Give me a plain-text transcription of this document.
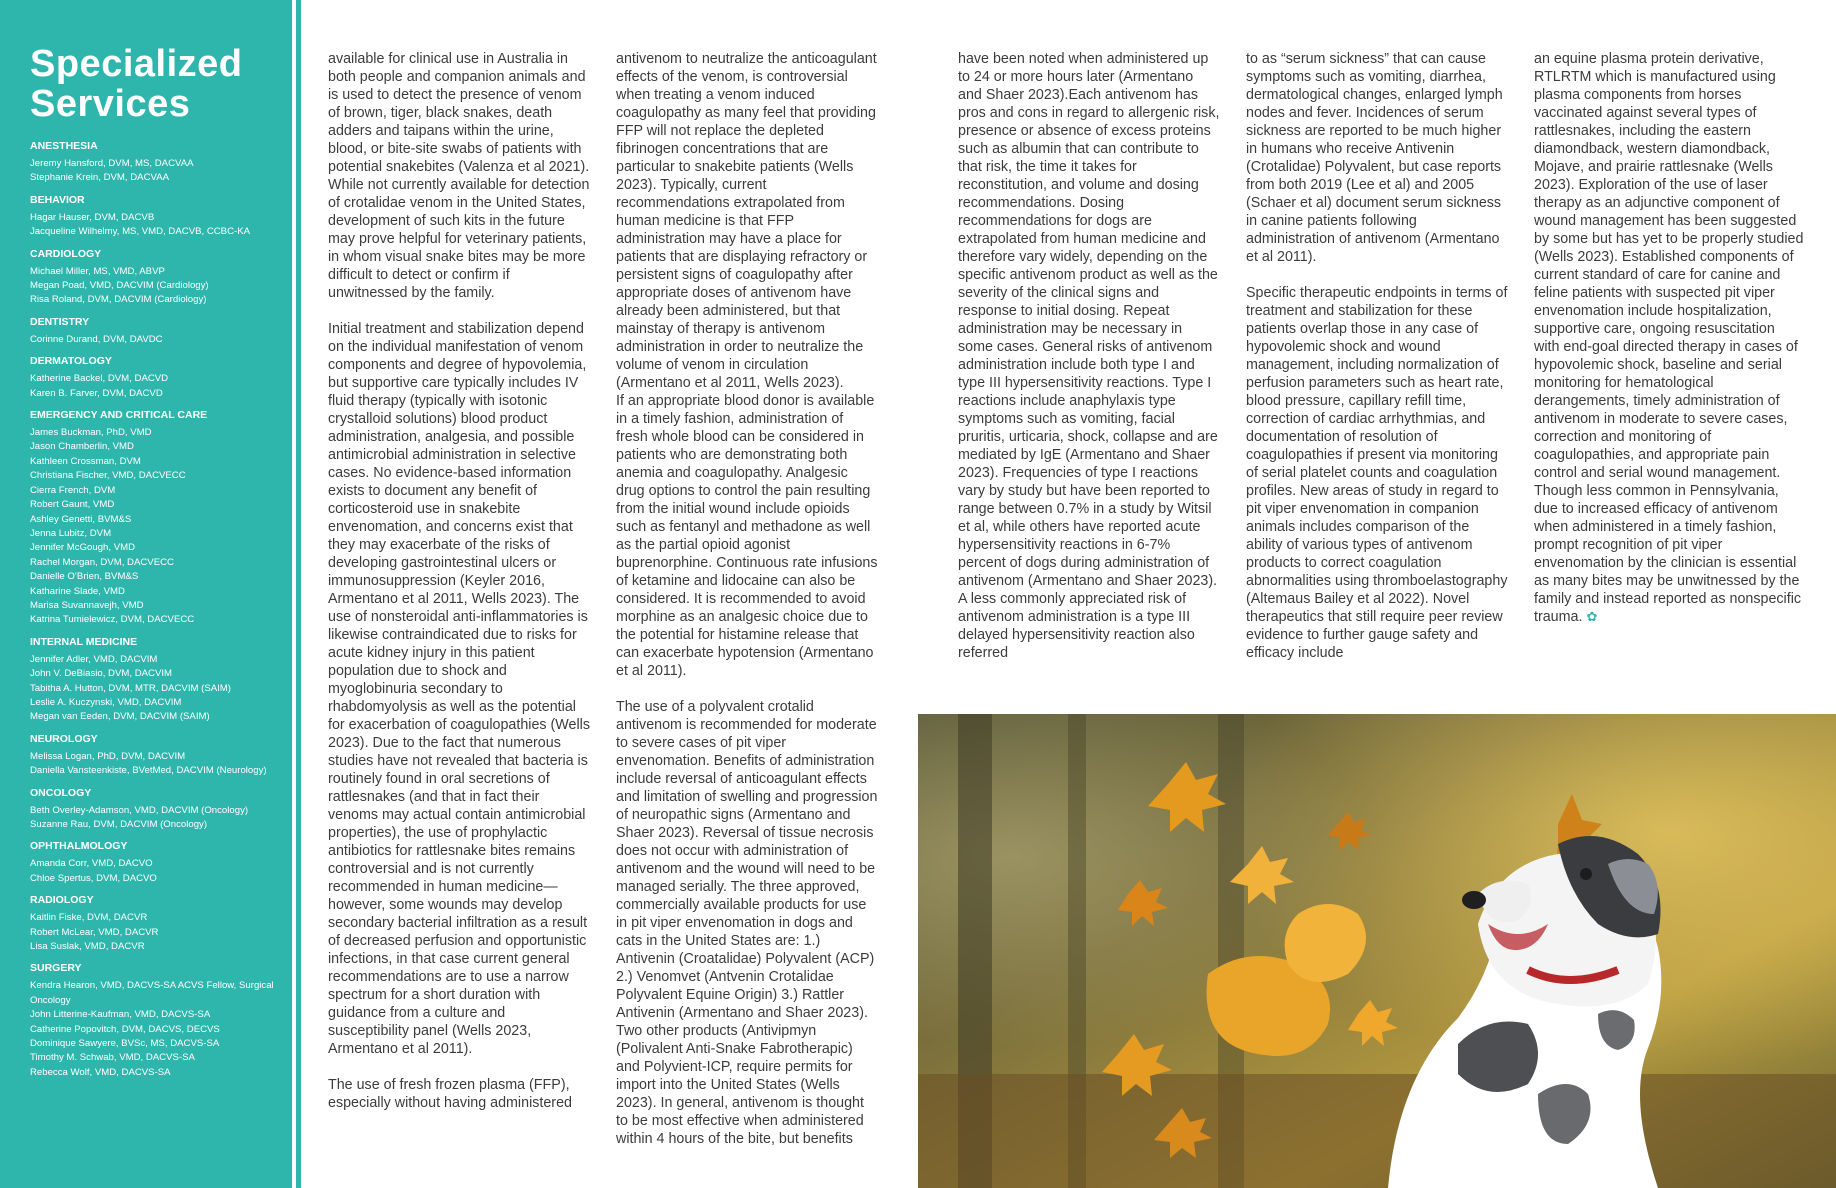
Specialized
Services
ANESTHESIA
Jeremy Hansford, DVM, MS, DACVAA
Stephanie Krein, DVM, DACVAA
BEHAVIOR
Hagar Hauser, DVM, DACVB
Jacqueline Wilhelmy, MS, VMD, DACVB, CCBC-KA
CARDIOLOGY
Michael Miller, MS, VMD, ABVP
Megan Poad, VMD, DACVIM (Cardiology)
Risa Roland, DVM, DACVIM (Cardiology)
DENTISTRY
Corinne Durand, DVM, DAVDC
DERMATOLOGY
Katherine Backel, DVM, DACVD
Karen B. Farver, DVM, DACVD
EMERGENCY AND CRITICAL CARE
James Buckman, PhD, VMD
Jason Chamberlin, VMD
Kathleen Crossman, DVM
Christiana Fischer, VMD, DACVECC
Cierra French, DVM
Robert Gaunt, VMD
Ashley Genetti, BVM&S
Jenna Lubitz, DVM
Jennifer McGough, VMD
Rachel Morgan, DVM, DACVECC
Danielle O’Brien, BVM&S
Katharine Slade, VMD
Marisa Suvannavejh, VMD
Katrina Tumielewicz, DVM, DACVECC
INTERNAL MEDICINE
Jennifer Adler, VMD, DACVIM
John V. DeBiasio, DVM, DACVIM
Tabitha A. Hutton, DVM, MTR, DACVIM (SAIM)
Leslie A. Kuczynski, VMD, DACVIM
Megan van Eeden, DVM, DACVIM (SAIM)
NEUROLOGY
Melissa Logan, PhD, DVM, DACVIM
Daniella Vansteenkiste, BVetMed, DACVIM (Neurology)
ONCOLOGY
Beth Overley-Adamson, VMD, DACVIM (Oncology)
Suzanne Rau, DVM, DACVIM (Oncology)
OPHTHALMOLOGY
Amanda Corr, VMD, DACVO
Chloe Spertus, DVM, DACVO
RADIOLOGY
Kaitlin Fiske, DVM, DACVR
Robert McLear, VMD, DACVR
Lisa Suslak, VMD, DACVR
SURGERY
Kendra Hearon, VMD, DACVS-SA ACVS Fellow, Surgical Oncology
John Litterine-Kaufman, VMD, DACVS-SA
Catherine Popovitch, DVM, DACVS, DECVS
Dominique Sawyere, BVSc, MS, DACVS-SA
Timothy M. Schwab, VMD, DACVS-SA
Rebecca Wolf, VMD, DACVS-SA

available for clinical use in Australia in both people and companion animals and is used to detect the presence of venom of brown, tiger, black snakes, death adders and taipans within the urine, blood, or bite-site swabs of patients with potential snakebites (Valenza et al 2021). While not currently available for detection of crotalidae venom in the United States, development of such kits in the future may prove helpful for veterinary patients, in whom visual snake bites may be more difficult to detect or confirm if unwitnessed by the family.

Initial treatment and stabilization depend on the individual manifestation of venom components and degree of hypovolemia, but supportive care typically includes IV fluid therapy (typically with isotonic crystalloid solutions) blood product administration, analgesia, and possible antimicrobial administration in selective cases. No evidence-based information exists to document any benefit of corticosteroid use in snakebite envenomation, and concerns exist that they may exacerbate of the risks of developing gastrointestinal ulcers or immunosuppression (Keyler 2016, Armentano et al 2011, Wells 2023). The use of nonsteroidal anti-inflammatories is likewise contraindicated due to risks for acute kidney injury in this patient population due to shock and myoglobinuria secondary to rhabdomyolysis as well as the potential for exacerbation of coagulopathies (Wells 2023). Due to the fact that numerous studies have not revealed that bacteria is routinely found in oral secretions of rattlesnakes (and that in fact their venoms may actual contain antimicrobial properties), the use of prophylactic antibiotics for rattlesnake bites remains controversial and is not currently recommended in human medicine—however, some wounds may develop secondary bacterial infiltration as a result of decreased perfusion and opportunistic infections, in that case current general recommendations are to use a narrow spectrum for a short duration with guidance from a culture and susceptibility panel (Wells 2023, Armentano et al 2011).

The use of fresh frozen plasma (FFP), especially without having administered

antivenom to neutralize the anticoagulant effects of the venom, is controversial when treating a venom induced coagulopathy as many feel that providing FFP will not replace the depleted fibrinogen concentrations that are particular to snakebite patients (Wells 2023). Typically, current recommendations extrapolated from human medicine is that FFP administration may have a place for patients that are displaying refractory or persistent signs of coagulopathy after appropriate doses of antivenom have already been administered, but that mainstay of therapy is antivenom administration in order to neutralize the volume of venom in circulation (Armentano et al 2011, Wells 2023).

If an appropriate blood donor is available in a timely fashion, administration of fresh whole blood can be considered in patients who are demonstrating both anemia and coagulopathy. Analgesic drug options to control the pain resulting from the initial wound include opioids such as fentanyl and methadone as well as the partial opioid agonist buprenorphine. Continuous rate infusions of ketamine and lidocaine can also be considered. It is recommended to avoid morphine as an analgesic choice due to the potential for histamine release that can exacerbate hypotension (Armentano et al 2011).

The use of a polyvalent crotalid antivenom is recommended for moderate to severe cases of pit viper envenomation. Benefits of administration include reversal of anticoagulant effects and limitation of swelling and progression of neuropathic signs (Armentano and Shaer 2023). Reversal of tissue necrosis does not occur with administration of antivenom and the wound will need to be managed serially. The three approved, commercially available products for use in pit viper envenomation in dogs and cats in the United States are: 1.) Antivenin (Croatalidae) Polyvalent (ACP) 2.) Venomvet (Antvenin Crotalidae Polyvalent Equine Origin) 3.) Rattler Antivenin (Armentano and Shaer 2023). Two other products (Antivipmyn (Polivalent Anti-Snake Fabrotherapic) and Polyvient-ICP, require permits for import into the United States (Wells 2023). In general, antivenom is thought to be most effective when administered within 4 hours of the bite, but benefits

have been noted when administered up to 24 or more hours later (Armentano and Shaer 2023).Each antivenom has pros and cons in regard to allergenic risk, presence or absence of excess proteins such as albumin that can contribute to that risk, the time it takes for reconstitution, and volume and dosing recommendations. Dosing recommendations for dogs are extrapolated from human medicine and therefore vary widely, depending on the specific antivenom product as well as the severity of the clinical signs and response to initial dosing. Repeat administration may be necessary in some cases. General risks of antivenom administration include both type I and type III hypersensitivity reactions. Type I reactions include anaphylaxis type symptoms such as vomiting, facial pruritis, urticaria, shock, collapse and are mediated by IgE (Armentano and Shaer 2023). Frequencies of type I reactions vary by study but have been reported to range between 0.7% in a study by Witsil et al, while others have reported acute hypersensitivity reactions in 6-7% percent of dogs during administration of antivenom (Armentano and Shaer 2023). A less commonly appreciated risk of antivenom administration is a type III delayed hypersensitivity reaction also referred

to as “serum sickness” that can cause symptoms such as vomiting, diarrhea, dermatological changes, enlarged lymph nodes and fever. Incidences of serum sickness are reported to be much higher in humans who receive Antivenin (Crotalidae) Polyvalent, but case reports from both 2019 (Lee et al) and 2005 (Schaer et al) document serum sickness in canine patients following administration of antivenom (Armentano et al 2011).

Specific therapeutic endpoints in terms of treatment and stabilization for these patients overlap those in any case of hypovolemic shock and wound management, including normalization of perfusion parameters such as heart rate, blood pressure, capillary refill time, correction of cardiac arrhythmias, and documentation of resolution of coagulopathies if present via monitoring of serial platelet counts and coagulation profiles. New areas of study in regard to pit viper envenomation in companion animals includes comparison of the ability of various types of antivenom products to correct coagulation abnormalities using thromboelastography (Altemaus Bailey et al 2022). Novel therapeutics that still require peer review evidence to further gauge safety and efficacy include

an equine plasma protein derivative, RTLRTM which is manufactured using plasma components from horses vaccinated against several types of rattlesnakes, including the eastern diamondback, western diamondback, Mojave, and prairie rattlesnake (Wells 2023). Exploration of the use of laser therapy as an adjunctive component of wound management has been suggested by some but has yet to be properly studied (Wells 2023). Established components of current standard of care for canine and feline patients with suspected pit viper envenomation include hospitalization, supportive care, ongoing resuscitation with end-goal directed therapy in cases of hypovolemic shock, baseline and serial monitoring for hematological derangements, timely administration of antivenom in moderate to severe cases, correction and monitoring of coagulopathies, and appropriate pain control and serial wound management. Though less common in Pennsylvania, due to increased efficacy of antivenom when administered in a timely fashion, prompt recognition of pit viper envenomation by the clinician is essential as many bites may be unwitnessed by the family and instead reported as nonspecific trauma. ✿
